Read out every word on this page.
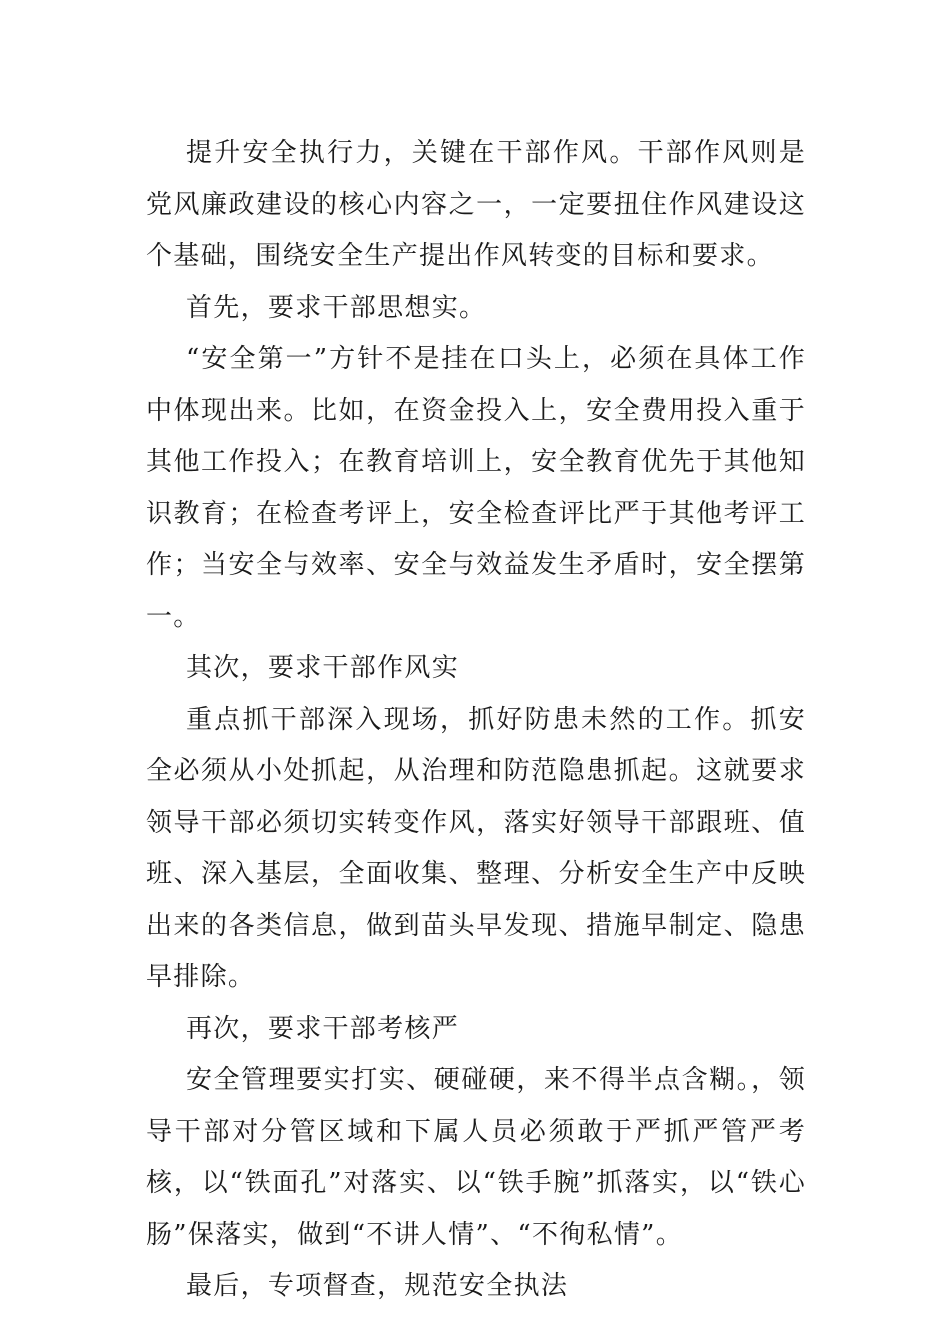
提升安全执行力，关键在干部作风。干部作风则是党风廉政建设的核心内容之一，一定要扭住作风建设这个基础，围绕安全生产提出作风转变的目标和要求。

首先，要求干部思想实。

“安全第一”方针不是挂在口头上，必须在具体工作中体现出来。比如，在资金投入上，安全费用投入重于其他工作投入；在教育培训上，安全教育优先于其他知识教育；在检查考评上，安全检查评比严于其他考评工作；当安全与效率、安全与效益发生矛盾时，安全摆第一。

其次，要求干部作风实

重点抓干部深入现场，抓好防患未然的工作。抓安全必须从小处抓起，从治理和防范隐患抓起。这就要求领导干部必须切实转变作风，落实好领导干部跟班、值班、深入基层，全面收集、整理、分析安全生产中反映出来的各类信息，做到苗头早发现、措施早制定、隐患早排除。

再次，要求干部考核严

安全管理要实打实、硬碰硬，来不得半点含糊。，领导干部对分管区域和下属人员必须敢于严抓严管严考核，以“铁面孔”对落实、以“铁手腕”抓落实，以“铁心肠”保落实，做到“不讲人情”、“不徇私情”。

最后，专项督查，规范安全执法
